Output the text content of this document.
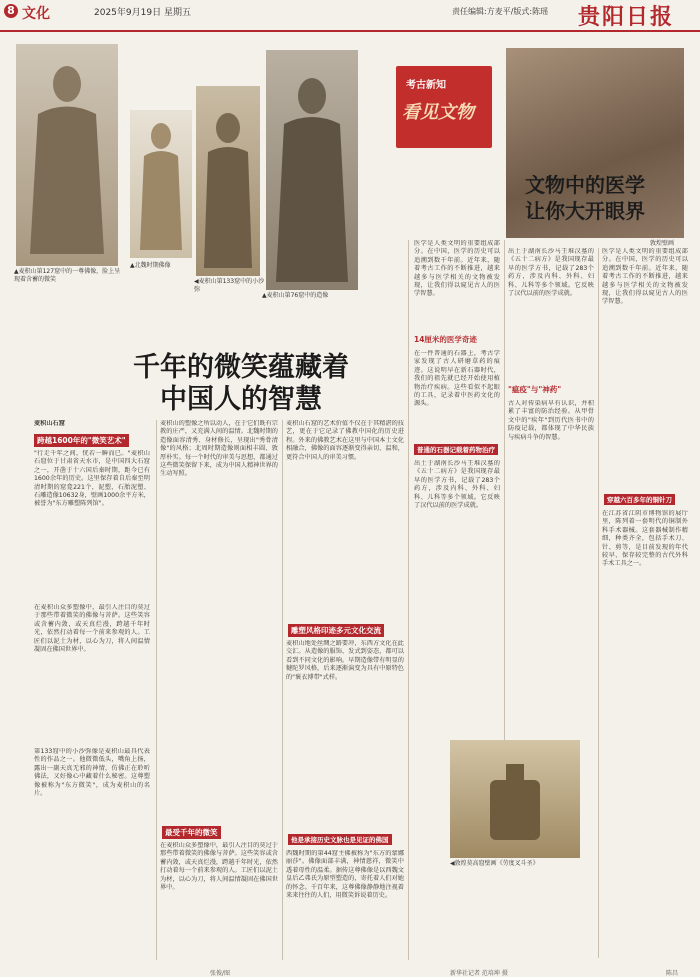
8 文化	2025年9月19日 星期五	责任编辑:方麦平/版式:陈瑶 贵阳日报
▲麦积山第127窟中的一尊佛像，脸上呈现着含蓄的微笑
▲北魏时期佛像
◀麦积山第133窟中的小沙弥
▲麦积山第76窟中的造像
敦煌壁画
◀敦煌莫高窟壁画《劳度叉斗圣》
千年的微笑蕴藏着
中国人的智慧
考古新知
看见文物
文物中的医学
让你大开眼界
麦积山石窟
跨越1600年的"微笑艺术"
"行走千年之间，恍若一瞬而已。"麦积山石窟位于甘肃省天水市，是中国四大石窟之一，开凿于十六国后秦时期，距今已有1600余年的历史。这里保存着自后秦至明清时期的窟龛221个，泥塑、石胎泥塑、石雕造像10632身，壁画1000余平方米，被誉为"东方雕塑陈列馆"。
在麦积山众多塑像中，最引人注目的莫过于那些带着微笑的佛像与菩萨。这些笑容或含蓄内敛，或天真烂漫，跨越千年时光，依然打动着每一个前来参观的人。工匠们以泥土为材，以心为刀，将人间温情凝固在佛国世界中。
第133窟中的小沙弥像是麦积山最具代表性的作品之一。他微微低头，嘴角上扬，露出一副天真无邪的神情，仿佛正在聆听佛法，又好像心中藏着什么秘密。这尊塑像被称为"东方微笑"，成为麦积山的名片。
麦积山的塑像之所以动人，在于它们既有宗教的庄严，又充满人间的温情。北魏时期的造像面容清秀、身材修长，呈现出"秀骨清像"的风格；北周时期造像则面相丰圆、敦厚朴实。每一个时代的审美与思想，都通过这些微笑保留下来，成为中国人精神世界的生动写照。
最受千年的微笑
在麦积山众多塑像中，最引人注目的莫过于那些带着微笑的佛像与菩萨。这些笑容或含蓄内敛，或天真烂漫，跨越千年时光，依然打动着每一个前来参观的人。工匠们以泥土为材，以心为刀，将人间温情凝固在佛国世界中。
麦积山石窟的艺术价值不仅在于其精湛的技艺，更在于它记录了佛教中国化的历史进程。外来的佛教艺术在这里与中国本土文化相融合，佛像的面容逐渐变得亲切、温和，更符合中国人的审美习惯。
雕塑风格印迹多元文化交流
麦积山地处丝绸之路要冲，东西方文化在此交汇。从造像的服饰、发式到姿态，都可以看到不同文化的影响。早期造像带有明显的犍陀罗风格，后来逐渐演变为具有中原特色的"褒衣博带"式样。
他是承接历史文脉也是见证的佛国
西魏时期的第44窟主佛被称为"东方的蒙娜丽莎"。佛像面部丰满，神情慈祥，微笑中透着母性的温柔。据传这尊佛像是以西魏文皇后乙弗氏为原型塑造的，寄托着人们对她的怀念。千百年来，这尊佛像静静地注视着来来往往的人们，用微笑诉说着历史。
医学是人类文明的重要组成部分。在中国，医学的历史可以追溯到数千年前。近年来，随着考古工作的不断推进，越来越多与医学相关的文物被发现，让我们得以窥见古人的医学智慧。
14厘米的医学奇迹
在一件普通的石器上，考古学家发现了古人研磨草药的痕迹。这说明早在新石器时代，我们的祖先就已经开始使用植物治疗疾病。这些看似不起眼的工具，记录着中医药文化的源头。
普通的石器记载着药物治疗
出土于湖南长沙马王堆汉墓的《五十二病方》是我国现存最早的医学方书，记载了283个药方，涉及内科、外科、妇科、儿科等多个领域。它反映了汉代以前的医学成就。
出土于湖南长沙马王堆汉墓的《五十二病方》是我国现存最早的医学方书，记载了283个药方，涉及内科、外科、妇科、儿科等多个领域。它反映了汉代以前的医学成就。
"瘟疫"与"神药"
古人对传染病早有认识，并积累了丰富的防治经验。从甲骨文中的"疾年"到历代医书中的防疫记载，都体现了中华民族与疾病斗争的智慧。
医学是人类文明的重要组成部分。在中国，医学的历史可以追溯到数千年前。近年来，随着考古工作的不断推进，越来越多与医学相关的文物被发现，让我们得以窥见古人的医学智慧。
穿越六百多年的铜针刀
在江苏省江阴市博物馆的展厅里，陈列着一套明代的铜制外科手术器械。这套器械制作精细，种类齐全，包括手术刀、针、剪等，是目前发现的年代较早、保存较完整的古代外科手术工具之一。
张俊/图	新华社记者 范培坤 摄	陈昌
